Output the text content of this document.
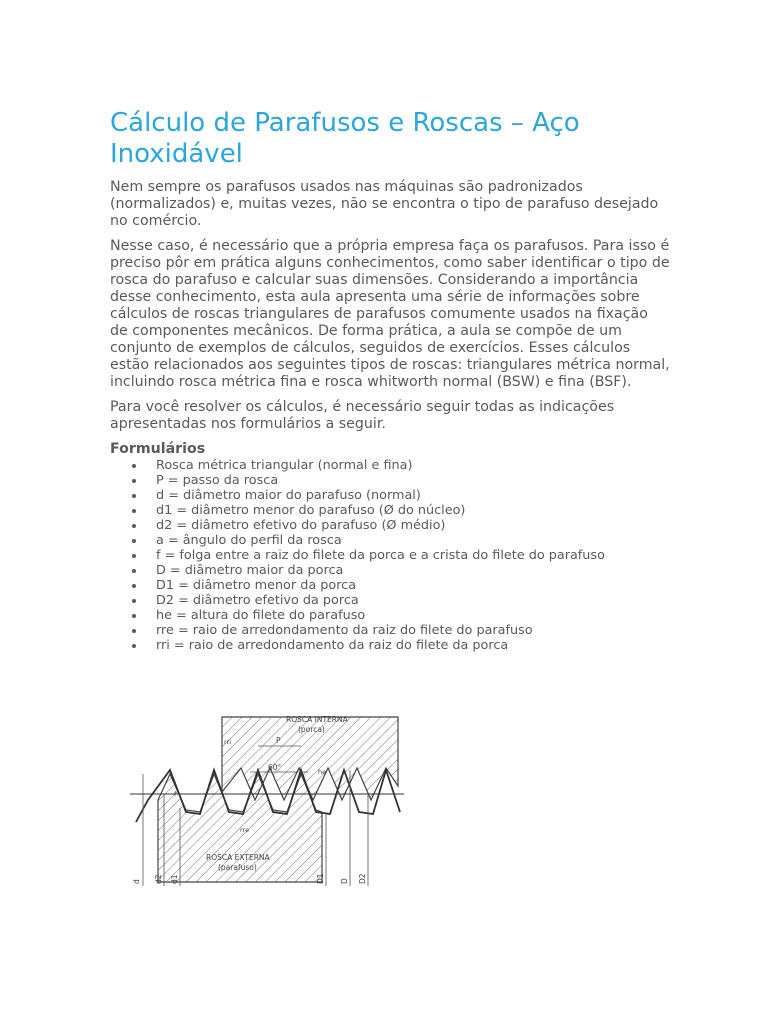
Cálculo de Parafusos e Roscas – Aço Inoxidável

Nem sempre os parafusos usados nas máquinas são padronizados (normalizados) e, muitas vezes, não se encontra o tipo de parafuso desejado no comércio.

Nesse caso, é necessário que a própria empresa faça os parafusos. Para isso é preciso pôr em prática alguns conhecimentos, como saber identificar o tipo de rosca do parafuso e calcular suas dimensões. Considerando a importância desse conhecimento, esta aula apresenta uma série de informações sobre cálculos de roscas triangulares de parafusos comumente usados na fixação de componentes mecânicos. De forma prática, a aula se compõe de um conjunto de exemplos de cálculos, seguidos de exercícios. Esses cálculos estão relacionados aos seguintes tipos de roscas: triangulares métrica normal, incluindo rosca métrica fina e rosca whitworth normal (BSW) e fina (BSF).

Para você resolver os cálculos, é necessário seguir todas as indicações apresentadas nos formulários a seguir.

Formulários
Rosca métrica triangular (normal e fina)
P = passo da rosca
d = diâmetro maior do parafuso (normal)
d1 = diâmetro menor do parafuso (Ø do núcleo)
d2 = diâmetro efetivo do parafuso (Ø médio)
a = ângulo do perfil da rosca
f = folga entre a raiz do filete da porca e a crista do filete do parafuso
D = diâmetro maior da porca
D1 = diâmetro menor da porca
D2 = diâmetro efetivo da porca
he = altura do filete do parafuso
rre = raio de arredondamento da raiz do filete do parafuso
rri = raio de arredondamento da raiz do filete da porca
ROSCA INTERNA
(porca)
ROSCA EXTERNA
(parafuso)
60°
P
rri
rre
f
he
d d2 d1	D1 D D2
